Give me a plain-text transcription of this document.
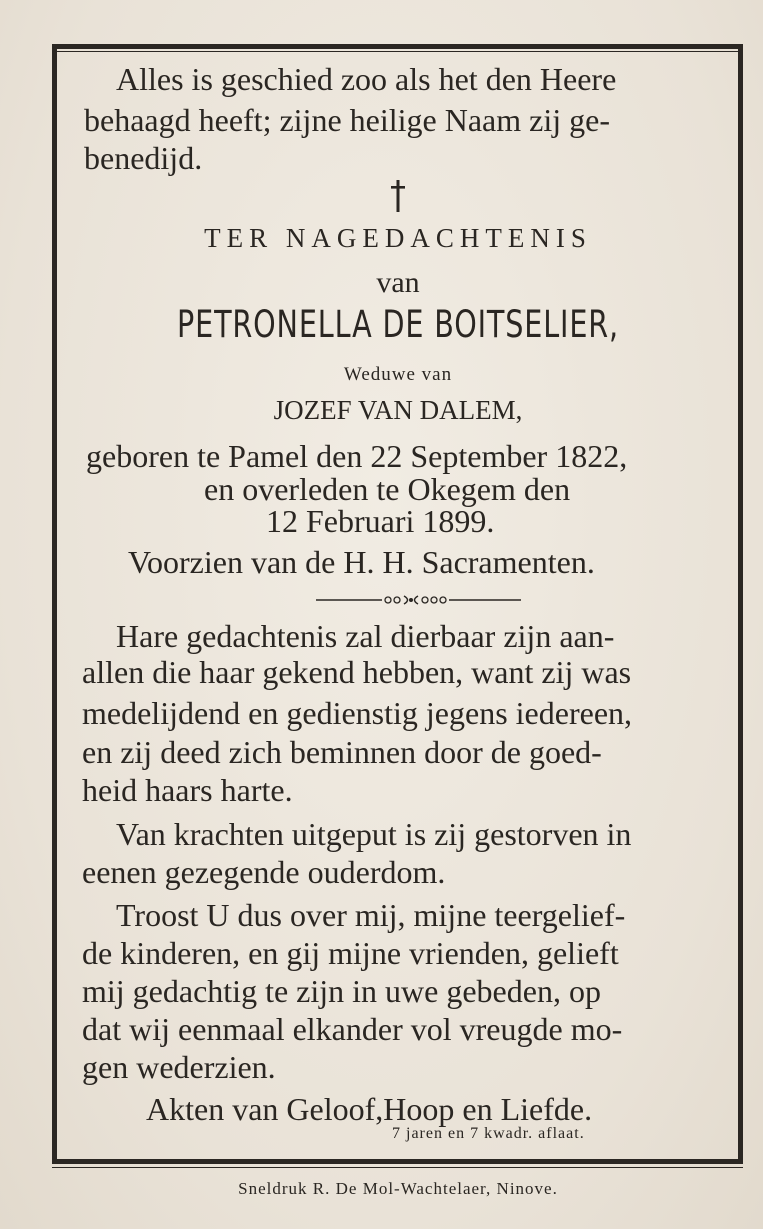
Alles is geschied zoo als het den Heere
behaagd heeft; zijne heilige Naam zij ge-
benedijd.
TER NAGEDACHTENIS
van
PETRONELLA DE BOITSELIER,
Weduwe van
JOZEF VAN DALEM,
geboren te Pamel den 22 September 1822,
en overleden te Okegem den
12 Februari 1899.
Voorzien van de H. H. Sacramenten.
Hare gedachtenis zal dierbaar zijn aan-
allen die haar gekend hebben, want zij was
medelijdend en gedienstig jegens iedereen,
en zij deed zich beminnen door de goed-
heid haars harte.
Van krachten uitgeput is zij gestorven in
eenen gezegende ouderdom.
Troost U dus over mij, mijne teergelief-
de kinderen, en gij mijne vrienden, gelieft
mij gedachtig te zijn in uwe gebeden, op
dat wij eenmaal elkander vol vreugde mo-
gen wederzien.
Akten van Geloof,Hoop en Liefde.
7 jaren en 7 kwadr. aflaat.
Sneldruk R. De Mol-Wachtelaer, Ninove.
